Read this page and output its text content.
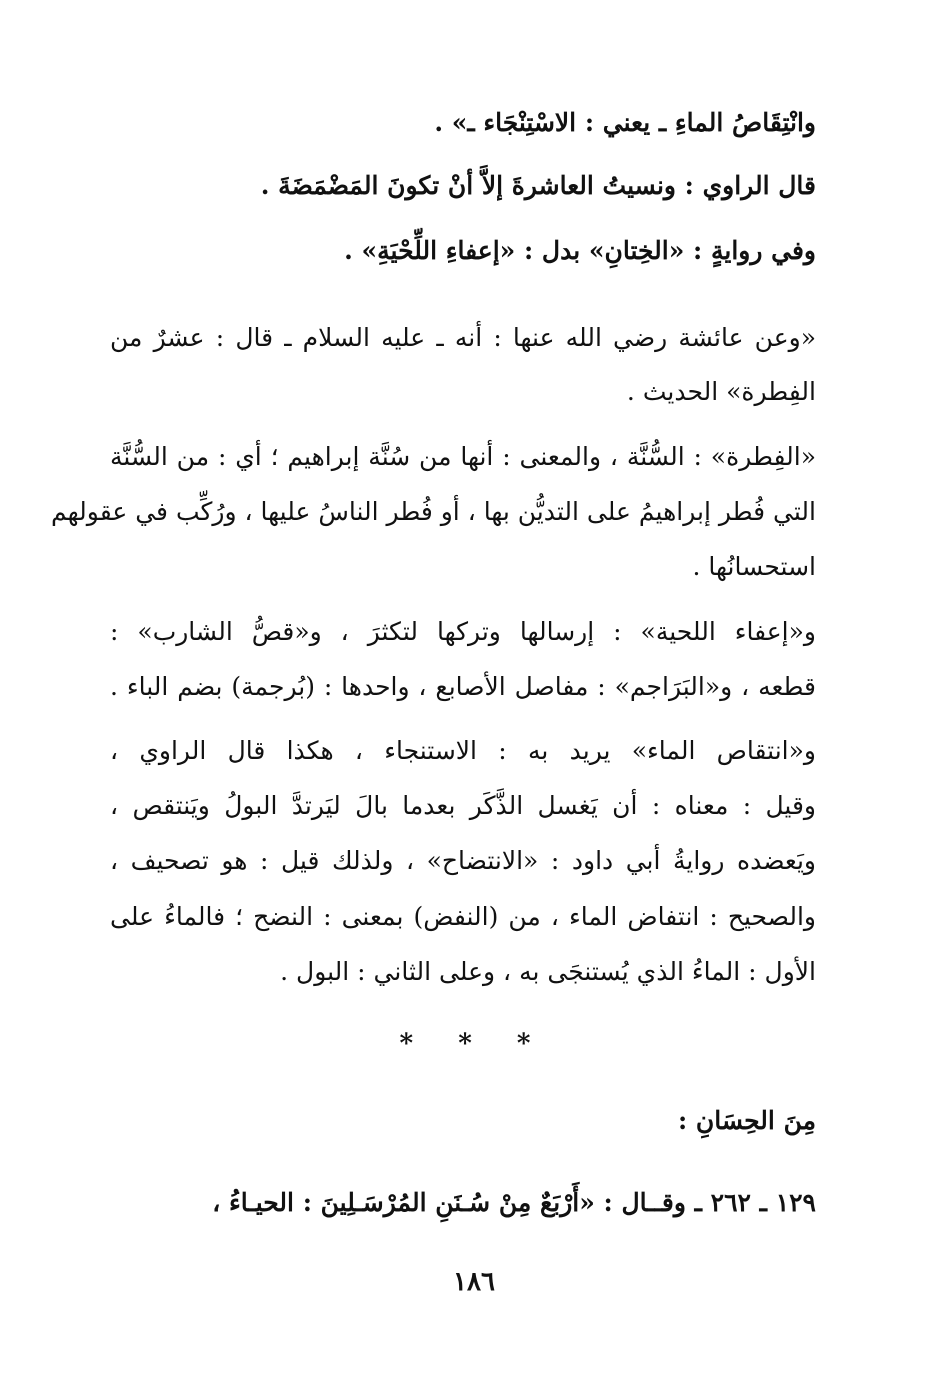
وانْتِقَاصُ الماءِ ـ يعني : الاسْتِنْجَاء ـ» .
قال الراوي : ونسيتُ العاشرةَ إلاَّ أنْ تكونَ المَضْمَضَةَ .
وفي روايةٍ : «الخِتانِ» بدل : «إعفاءِ اللِّحْيَةِ» .
«وعن عائشة رضي الله عنها : أنه ـ عليه السلام ـ قال : عشرٌ من
الفِطرة» الحديث .
«الفِطرة» : السُّنَّة ، والمعنى : أنها من سُنَّة إبراهيم ؛ أي : من السُّنَّة
التي فُطر إبراهيمُ على التديُّن بها ، أو فُطر الناسُ عليها ، ورُكِّب في عقولهم
استحسانُها .
و«إعفاء اللحية» : إرسالها وتركها لتكثرَ ، و«قصُّ الشارب» :
قطعه ، و«البَرَاجم» : مفاصل الأصابع ، واحدها : (بُرجمة) بضم الباء .
و«انتقاص الماء» يريد به : الاستنجاء ، هكذا قال الراوي ،
وقيل : معناه : أن يَغسل الذَّكَر بعدما بالَ ليَرتدَّ البولُ ويَنتقص ،
ويَعضده روايةُ أبي داود : «الانتضاح» ، ولذلك قيل : هو تصحيف ،
والصحيح : انتفاض الماء ، من (النفض) بمعنى : النضح ؛ فالماءُ على
الأول : الماءُ الذي يُستنجَى به ، وعلى الثاني : البول .
* * *
مِنَ الحِسَانِ :
١٢٩ ـ ٢٦٢ ـ وقــال : «أَرْبَعٌ مِنْ سُـنَنِ المُرْسَـلِينَ : الحيـاءُ ،
١٨٦
